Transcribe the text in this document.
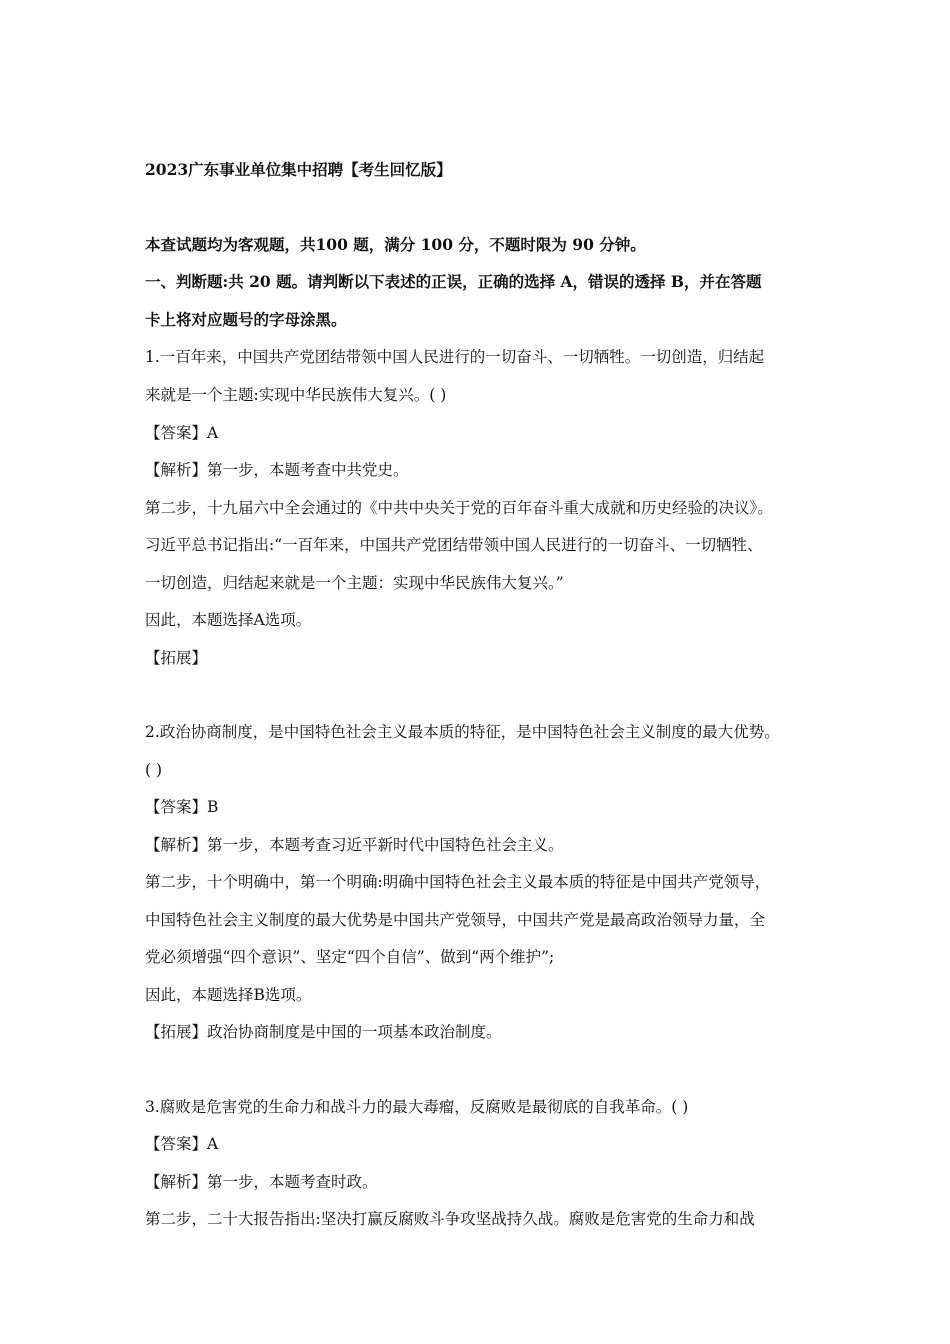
2023广东事业单位集中招聘【考生回忆版】
本查试题均为客观题，共100 题，满分 100 分，不题时限为 90 分钟。
一、判断题:共 20 题。请判断以下表述的正误，正确的选择 A，错误的透择 B，并在答题
卡上将对应题号的字母涂黑。
1.一百年来，中国共产党团结带领中国人民进行的一切奋斗、一切牺牲。一切创造，归结起
来就是一个主题:实现中华民族伟大复兴。( )
【答案】A
【解析】第一步，本题考查中共党史。
第二步，十九届六中全会通过的《中共中央关于党的百年奋斗重大成就和历史经验的决议》。
习近平总书记指出:“一百年来，中国共产党团结带领中国人民进行的一切奋斗、一切牺牲、
一切创造，归结起来就是一个主题：实现中华民族伟大复兴。”
因此，本题选择A选项。
【拓展】
2.政治协商制度，是中国特色社会主义最本质的特征，是中国特色社会主义制度的最大优势。
( )
【答案】B
【解析】第一步，本题考查习近平新时代中国特色社会主义。
第二步，十个明确中，第一个明确:明确中国特色社会主义最本质的特征是中国共产党领导，
中国特色社会主义制度的最大优势是中国共产党领导，中国共产党是最高政治领导力量，全
党必须增强“四个意识”、坚定“四个自信”、做到“两个维护”;
因此，本题选择B选项。
【拓展】政治协商制度是中国的一项基本政治制度。
3.腐败是危害党的生命力和战斗力的最大毒瘤，反腐败是最彻底的自我革命。( )
【答案】A
【解析】第一步，本题考查时政。
第二步，二十大报告指出:坚决打赢反腐败斗争攻坚战持久战。腐败是危害党的生命力和战
